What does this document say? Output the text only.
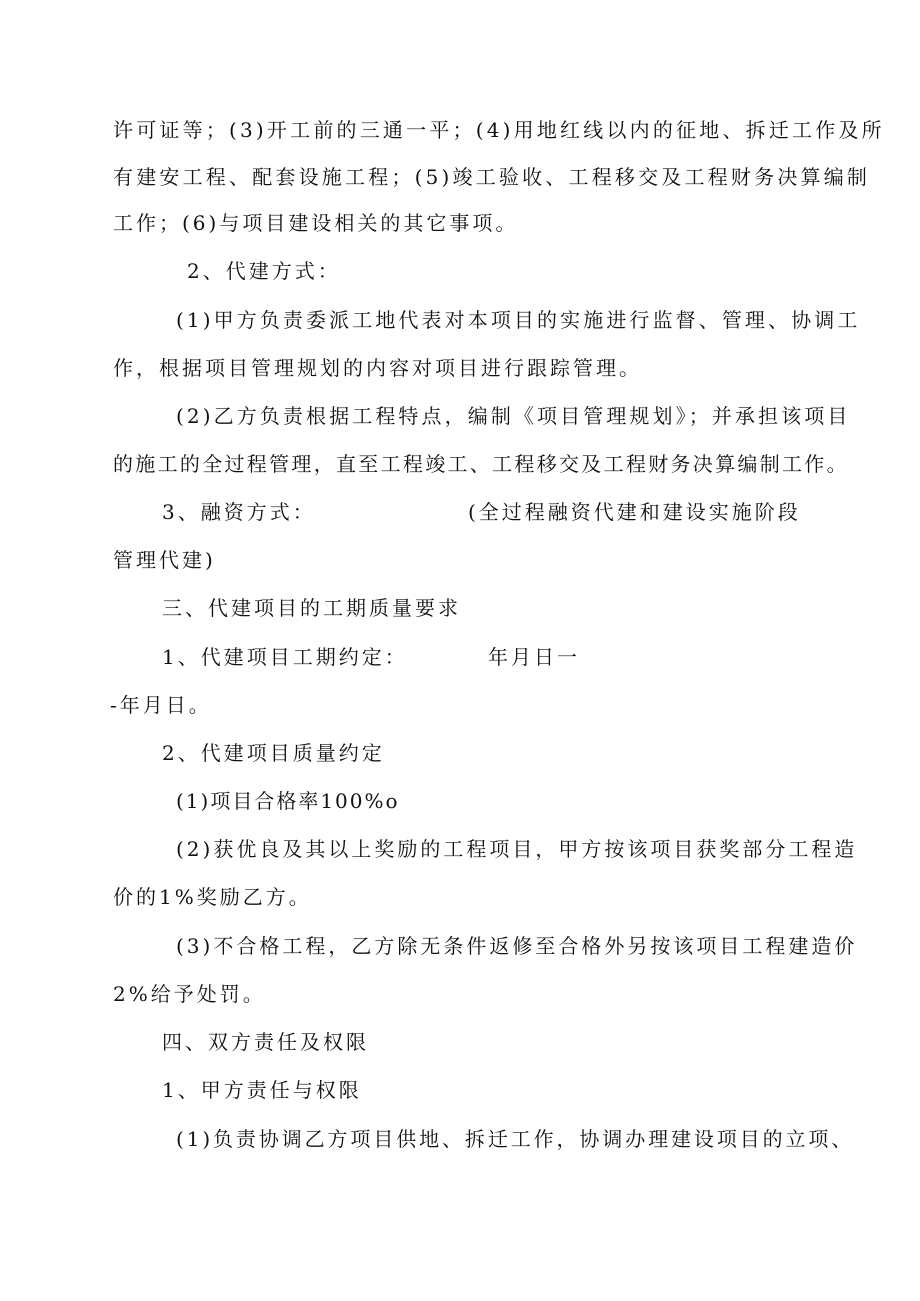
许可证等；(3)开工前的三通一平；(4)用地红线以内的征地、拆迁工作及所
有建安工程、配套设施工程；(5)竣工验收、工程移交及工程财务决算编制
工作；(6)与项目建设相关的其它事项。
2、代建方式：
(1)甲方负责委派工地代表对本项目的实施进行监督、管理、协调工
作，根据项目管理规划的内容对项目进行跟踪管理。
(2)乙方负责根据工程特点，编制《项目管理规划》；并承担该项目
的施工的全过程管理，直至工程竣工、工程移交及工程财务决算编制工作。
3、融资方式：	(全过程融资代建和建设实施阶段
管理代建)
三、代建项目的工期质量要求
1、代建项目工期约定：	年月日一
-年月日。
2、代建项目质量约定
(1)项目合格率100%o
(2)获优良及其以上奖励的工程项目，甲方按该项目获奖部分工程造
价的1%奖励乙方。
(3)不合格工程，乙方除无条件返修至合格外另按该项目工程建造价
2%给予处罚。
四、双方责任及权限
1、甲方责任与权限
(1)负责协调乙方项目供地、拆迁工作，协调办理建设项目的立项、
